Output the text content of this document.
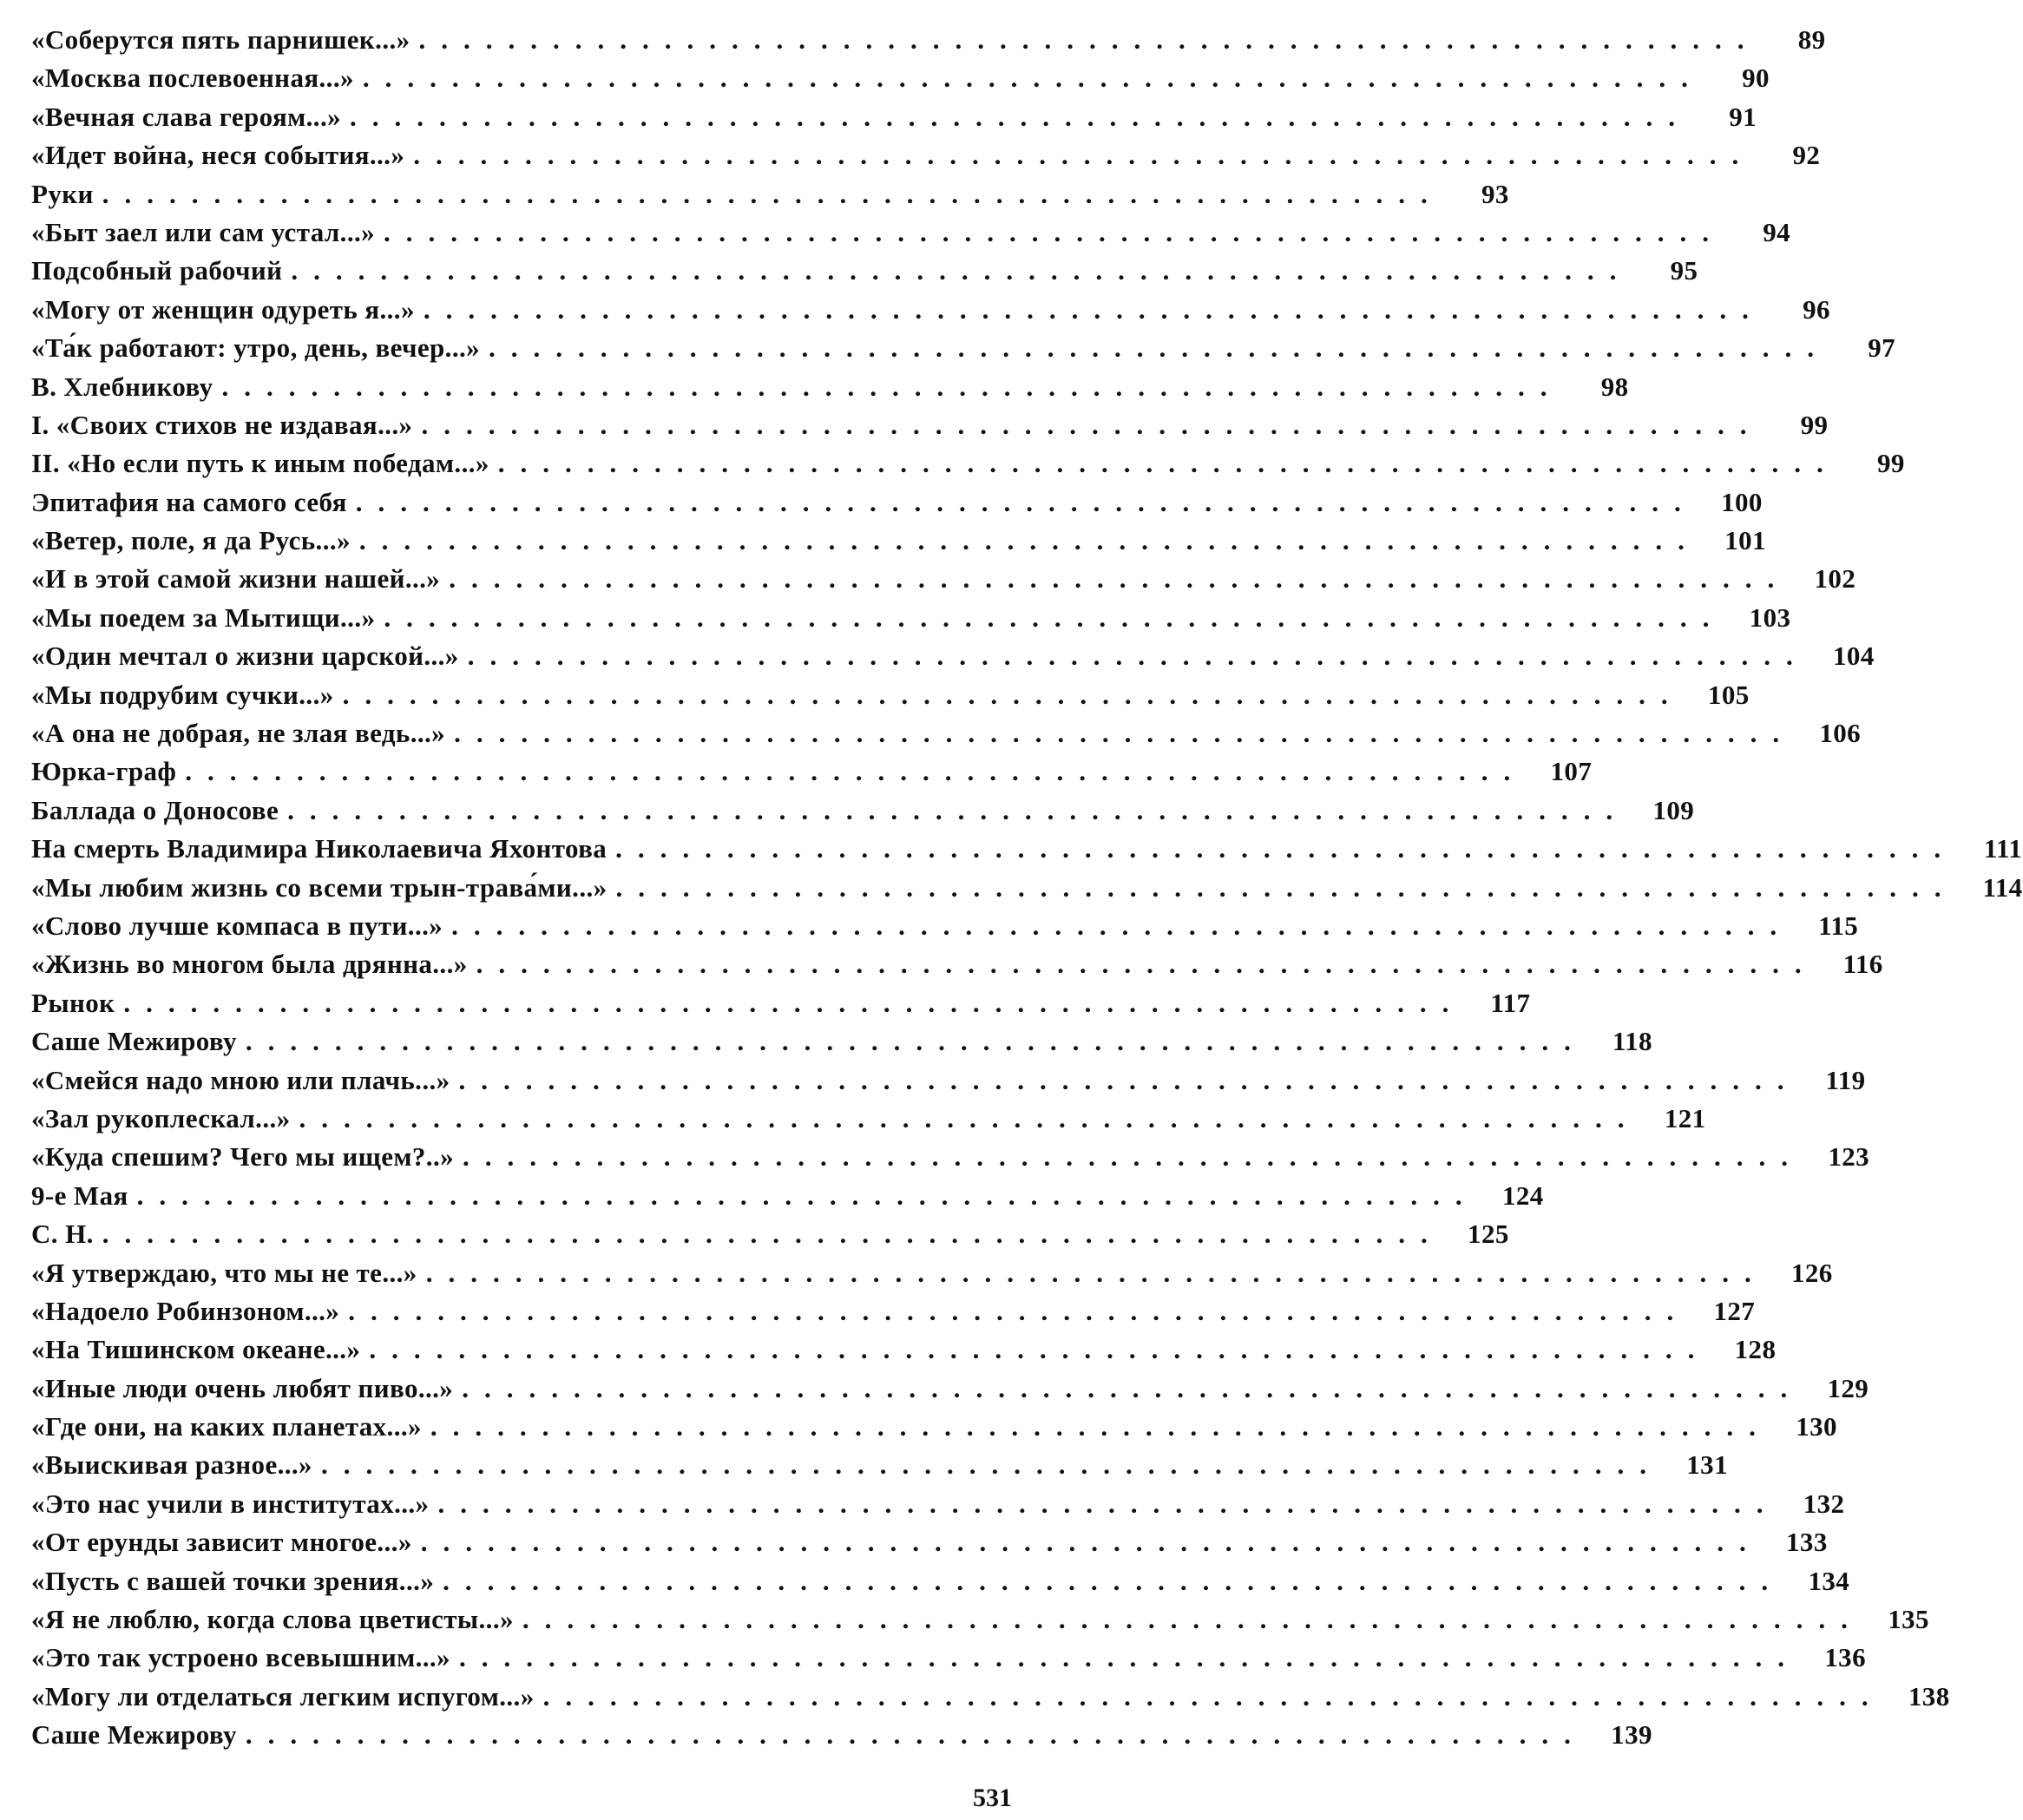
«Соберутся пять парнишек...» ............................................................	89
«Москва послевоенная...» ............................................................	90
«Вечная слава героям...» ............................................................	91
«Идет война, неся события...» ............................................................	92
Руки ............................................................	93
«Быт заел или сам устал...» ............................................................	94
Подсобный рабочий ............................................................	95
«Могу от женщин одуреть я...» ............................................................	96
«Та́к работают: утро, день, вечер...» ............................................................	97
В. Хлебникову ............................................................	98
I. «Своих стихов не издавая...» ............................................................	99
II. «Но если путь к иным победам...» ............................................................	99
Эпитафия на самого себя ............................................................ 100
«Ветер, поле, я да Русь...» ............................................................ 101
«И в этой самой жизни нашей...» ............................................................ 102
«Мы поедем за Мытищи...» ............................................................ 103
«Один мечтал о жизни царской...» ............................................................ 104
«Мы подрубим сучки...» ............................................................ 105
«А она не добрая, не злая ведь...» ............................................................ 106
Юрка-граф ............................................................ 107
Баллада о Доносове ............................................................ 109
На смерть Владимира Николаевича Яхонтова ............................................................	111
«Мы любим жизнь со всеми трын-трава́ми...» ............................................................ 114
«Слово лучше компаса в пути...» ............................................................ 115
«Жизнь во многом была дрянна...» ............................................................ 116
Рынок ............................................................ 117
Саше Межирову ............................................................ 118
«Смейся надо мною или плачь...» ............................................................ 119
«Зал рукоплескал...» ............................................................ 121
«Куда спешим? Чего мы ищем?..» ............................................................ 123
9-е Мая ............................................................ 124
С. Н. ............................................................ 125
«Я утверждаю, что мы не те...» ............................................................ 126
«Надоело Робинзоном...» ............................................................ 127
«На Тишинском океане...» ............................................................ 128
«Иные люди очень любят пиво...» ............................................................ 129
«Где они, на каких планетах...» ............................................................ 130
«Выискивая разное...» ............................................................ 131
«Это нас учили в институтах...» ............................................................ 132
«От ерунды зависит многое...» ............................................................ 133
«Пусть с вашей точки зрения...» ............................................................ 134
«Я не люблю, когда слова цветисты...» ............................................................ 135
«Это так устроено всевышним...» ............................................................ 136
«Могу ли отделаться легким испугом...» ............................................................ 138
Саше Межирову ............................................................ 139
531
